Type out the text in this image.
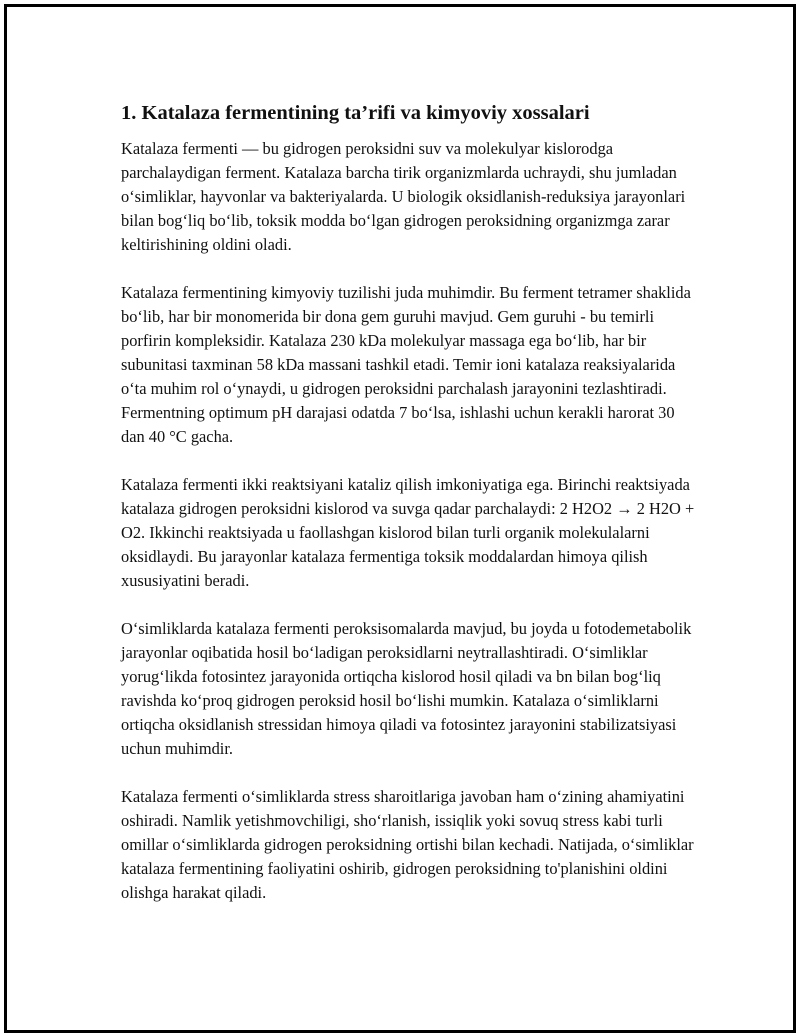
1. Katalaza fermentining ta’rifi va kimyoviy xossalari

Katalaza fermenti — bu gidrogen peroksidni suv va molekulyar kislorodga parchalaydigan ferment. Katalaza barcha tirik organizmlarda uchraydi, shu jumladan o‘simliklar, hayvonlar va bakteriyalarda. U biologik oksidlanish-reduksiya jarayonlari bilan bog‘liq bo‘lib, toksik modda bo‘lgan gidrogen peroksidning organizmga zarar keltirishining oldini oladi.

Katalaza fermentining kimyoviy tuzilishi juda muhimdir. Bu ferment tetramer shaklida bo‘lib, har bir monomerida bir dona gem guruhi mavjud. Gem guruhi - bu temirli porfirin kompleksidir. Katalaza 230 kDa molekulyar massaga ega bo‘lib, har bir subunitasi taxminan 58 kDa massani tashkil etadi. Temir ioni katalaza reaksiyalarida o‘ta muhim rol o‘ynaydi, u gidrogen peroksidni parchalash jarayonini tezlashtiradi. Fermentning optimum pH darajasi odatda 7 bo‘lsa, ishlashi uchun kerakli harorat 30 dan 40 °C gacha.

Katalaza fermenti ikki reaktsiyani kataliz qilish imkoniyatiga ega. Birinchi reaktsiyada katalaza gidrogen peroksidni kislorod va suvga qadar parchalaydi: 2 H2O2 → 2 H2O + O2. Ikkinchi reaktsiyada u faollashgan kislorod bilan turli organik molekulalarni oksidlaydi. Bu jarayonlar katalaza fermentiga toksik moddalardan himoya qilish xususiyatini beradi.

O‘simliklarda katalaza fermenti peroksisomalarda mavjud, bu joyda u fotodemetabolik jarayonlar oqibatida hosil bo‘ladigan peroksidlarni neytrallashtiradi. O‘simliklar yorug‘likda fotosintez jarayonida ortiqcha kislorod hosil qiladi va bn bilan bog‘liq ravishda ko‘proq gidrogen peroksid hosil bo‘lishi mumkin. Katalaza o‘simliklarni ortiqcha oksidlanish stressidan himoya qiladi va fotosintez jarayonini stabilizatsiyasi uchun muhimdir.

Katalaza fermenti o‘simliklarda stress sharoitlariga javoban ham o‘zining ahamiyatini oshiradi. Namlik yetishmovchiligi, sho‘rlanish, issiqlik yoki sovuq stress kabi turli omillar o‘simliklarda gidrogen peroksidning ortishi bilan kechadi. Natijada, o‘simliklar katalaza fermentining faoliyatini oshirib, gidrogen peroksidning to'planishini oldini olishga harakat qiladi.
